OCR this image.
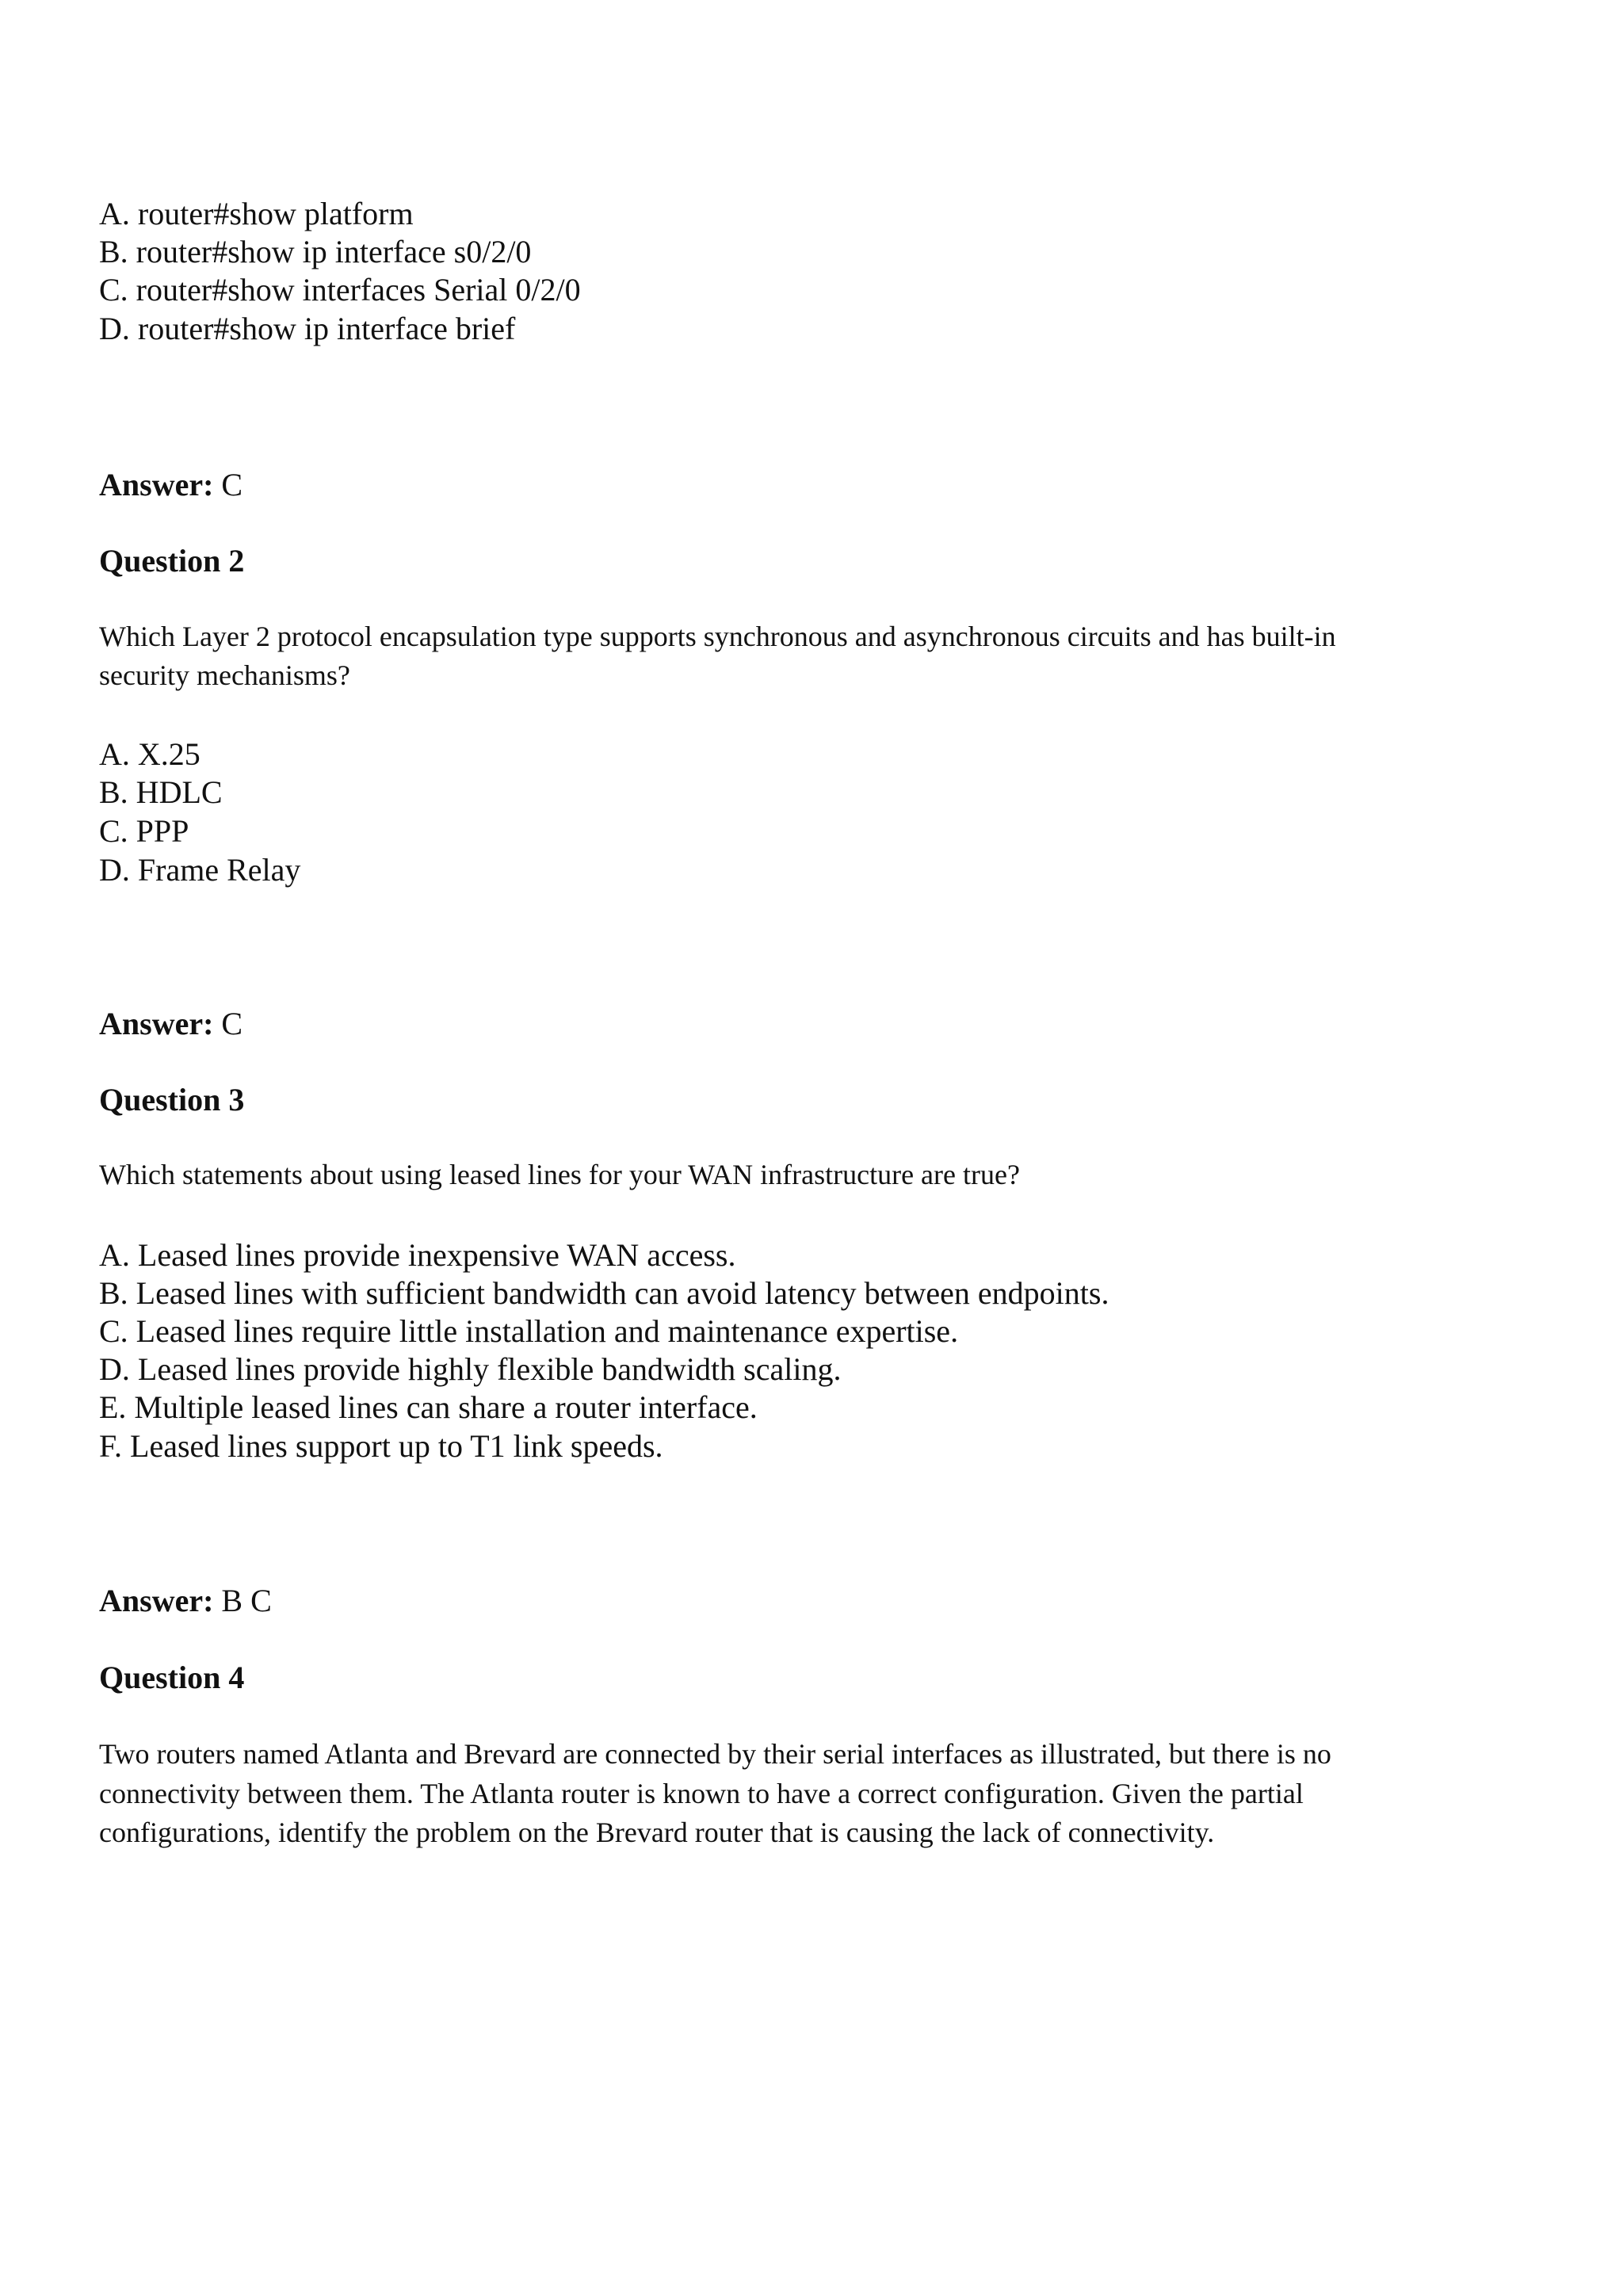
A. router#show platform
B. router#show ip interface s0/2/0
C. router#show interfaces Serial 0/2/0
D. router#show ip interface brief
Answer: C
Question 2
Which Layer 2 protocol encapsulation type supports synchronous and asynchronous circuits and has built-in
security mechanisms?
A. X.25
B. HDLC
C. PPP
D. Frame Relay
Answer: C
Question 3
Which statements about using leased lines for your WAN infrastructure are true?
A. Leased lines provide inexpensive WAN access.
B. Leased lines with sufficient bandwidth can avoid latency between endpoints.
C. Leased lines require little installation and maintenance expertise.
D. Leased lines provide highly flexible bandwidth scaling.
E. Multiple leased lines can share a router interface.
F. Leased lines support up to T1 link speeds.
Answer: B C
Question 4
Two routers named Atlanta and Brevard are connected by their serial interfaces as illustrated, but there is no
connectivity between them. The Atlanta router is known to have a correct configuration. Given the partial
configurations, identify the problem on the Brevard router that is causing the lack of connectivity.
